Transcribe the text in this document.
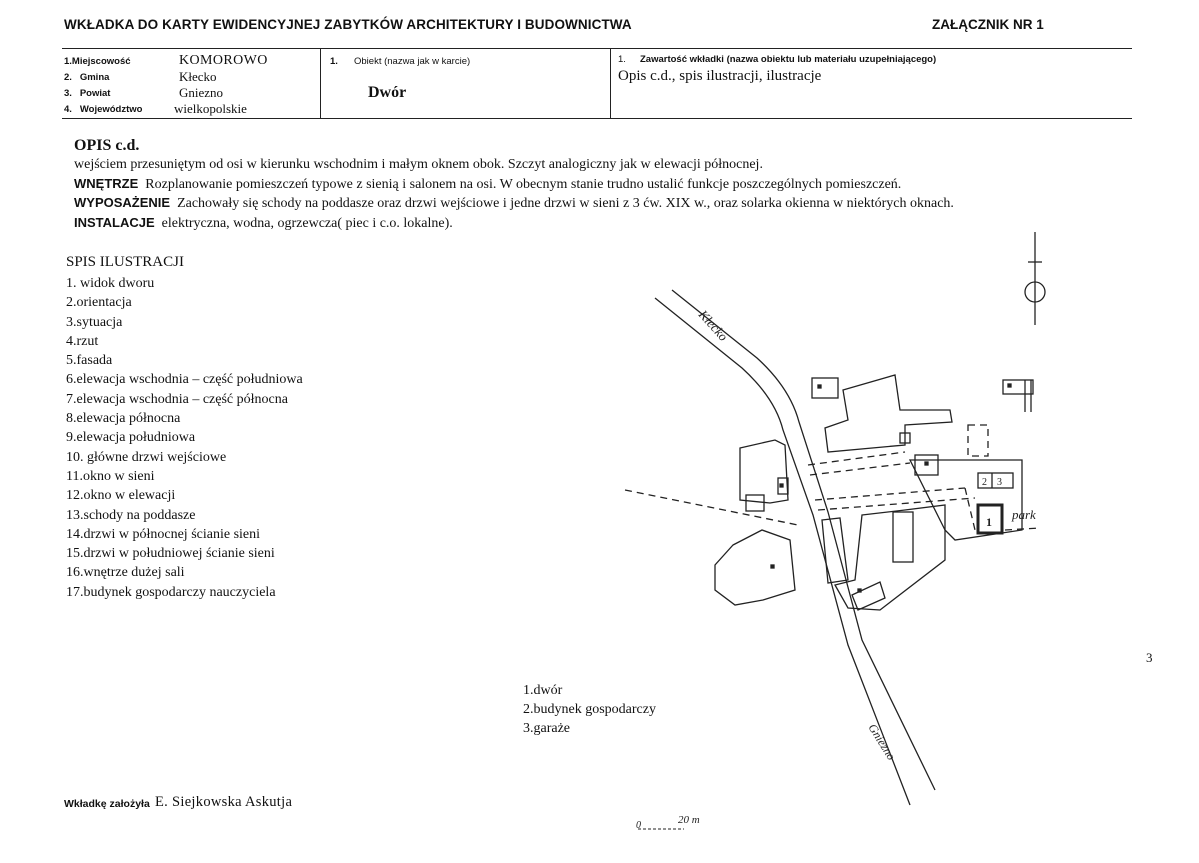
WKŁADKA DO KARTY EWIDENCYJNEJ ZABYTKÓW ARCHITEKTURY I BUDOWNICTWA	ZAŁĄCZNIK NR 1
1.Miejscowość	KOMOROWO
2.   Gmina	Kłecko
3.   Powiat	Gniezno
4.   Województwo wielkopolskie
1. Obiekt (nazwa jak w karcie)
Dwór
1. Zawartość wkładki (nazwa obiektu lub materiału uzupełniającego)
Opis c.d., spis ilustracji, ilustracje
OPIS c.d.
wejściem przesuniętym od osi w kierunku wschodnim i małym oknem obok. Szczyt analogiczny jak w elewacji północnej.
WNĘTRZE Rozplanowanie pomieszczeń typowe z sienią i salonem na osi. W obecnym stanie trudno ustalić funkcje poszczególnych pomieszczeń.
WYPOSAŻENIE Zachowały się schody na poddasze oraz drzwi wejściowe i jedne drzwi w sieni z 3 ćw. XIX w., oraz solarka okienna w niektórych oknach.
INSTALACJE elektryczna, wodna, ogrzewcza( piec i c.o. lokalne).
SPIS ILUSTRACJI
1. widok dworu
2.orientacja
3.sytuacja
4.rzut
5.fasada
6.elewacja wschodnia – część południowa
7.elewacja wschodnia – część północna
8.elewacja północna
9.elewacja południowa
10. główne drzwi wejściowe
11.okno w sieni
12.okno w elewacji
13.schody na poddasze
14.drzwi w północnej ścianie sieni
15.drzwi w południowej ścianie sieni
16.wnętrze dużej sali
17.budynek gospodarczy nauczyciela
Kłecko
Gniezno
park
1
2 3
0	20 m
1.dwór
2.budynek gospodarczy
3.garaże
Wkładkę założyła E. Siejkowska Askutja
3
